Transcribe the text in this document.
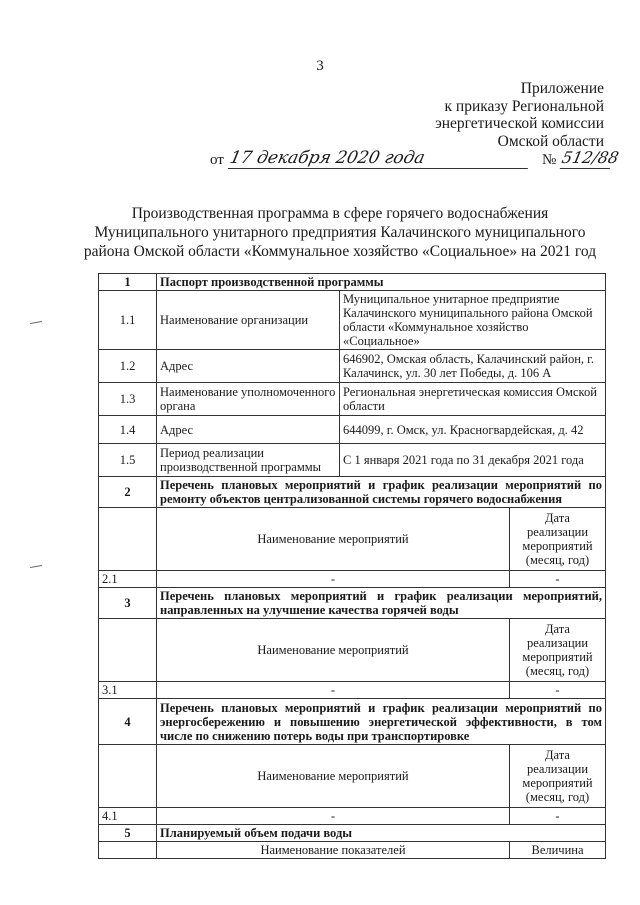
3
Приложение
к приказу Региональной
энергетической комиссии
Омской области
от 17 декабря 2020 года	№ 512/88
Производственная программа в сфере горячего водоснабжения
Муниципального унитарного предприятия Калачинского муниципального
района Омской области «Коммунальное хозяйство «Социальное» на 2021 год
1	Паспорт производственной программы		
1.1	Наименование организации	Муниципальное унитарное предприятие Калачинского муниципального района Омской области «Коммунальное хозяйство «Социальное»	
1.2	Адрес	646902, Омская область, Калачинский район, г. Калачинск, ул. 30 лет Победы, д. 106 А	
1.3	Наименование уполномоченного органа	Региональная энергетическая комиссия Омской области	
1.4	Адрес	644099, г. Омск, ул. Красногвардейская, д. 42	
1.5	Период реализации производственной программы	С 1 января 2021 года по 31 декабря 2021 года	
2	Перечень плановых мероприятий и график реализации мероприятий по ремонту объектов централизованной системы горячего водоснабжения		
	Наименование мероприятий		Дата реализации мероприятий (месяц, год)
2.1	-		-
3	Перечень плановых мероприятий и график реализации мероприятий, направленных на улучшение качества горячей воды		
	Наименование мероприятий		Дата реализации мероприятий (месяц, год)
3.1	-		-
4	Перечень плановых мероприятий и график реализации мероприятий по энергосбережению и повышению энергетической эффективности, в том числе по снижению потерь воды при транспортировке		
	Наименование мероприятий		Дата реализации мероприятий (месяц, год)
4.1	-		-
5	Планируемый объем подачи воды		
	Наименование показателей		Величина
